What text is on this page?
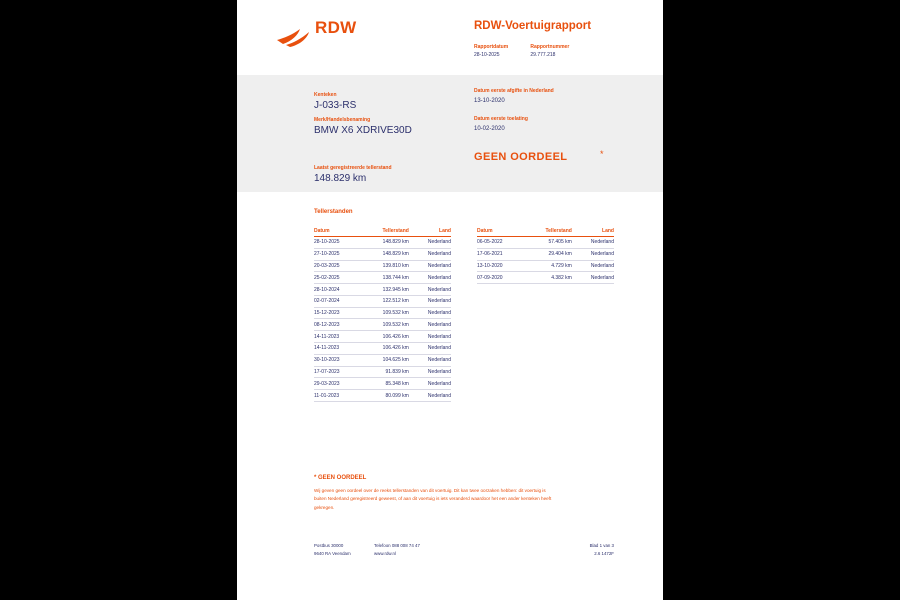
RDW	RDW-Voertuigrapport
Rapportdatum
28-10-2025
Rapportnummer
29.777.218
Kenteken
J-033-RS
Merk/Handelsbenaming
BMW X6 XDRIVE30D
Laatst geregistreerde tellerstand
148.829 km
Datum eerste afgifte in Nederland
13-10-2020
Datum eerste toelating
10-02-2020
GEEN OORDEEL	*
Tellerstanden
Datum	Tellerstand	Land
28-10-2025	148.829 km	Nederland
27-10-2025	148.829 km	Nederland
20-03-2025	139.810 km	Nederland
25-02-2025	138.744 km	Nederland
28-10-2024	132.945 km	Nederland
02-07-2024	122.512 km	Nederland
15-12-2023	109.532 km	Nederland
08-12-2023	109.532 km	Nederland
14-11-2023	106.426 km	Nederland
14-11-2023	106.426 km	Nederland
30-10-2023	104.625 km	Nederland
17-07-2023	91.839 km	Nederland
29-03-2023	85.348 km	Nederland
11-01-2023	80.099 km	Nederland
Datum	Tellerstand	Land
06-05-2022	57.405 km	Nederland
17-06-2021	29.404 km	Nederland
13-10-2020	4.729 km	Nederland
07-09-2020	4.382 km	Nederland
* GEEN OORDEEL
Wij geven geen oordeel over de reeks tellerstanden van dit voertuig. Dit kan twee oorzaken hebben: dit voertuig is buiten Nederland geregistreerd geweest, of aan dit voertuig is iets veranderd waardoor het een ander kenteken heeft gekregen.
Postbus 30000
9640 RA Veendam
Telefoon 088 008 74 47
www.rdw.nl
Blad 1 van 3
2.6 1472F
